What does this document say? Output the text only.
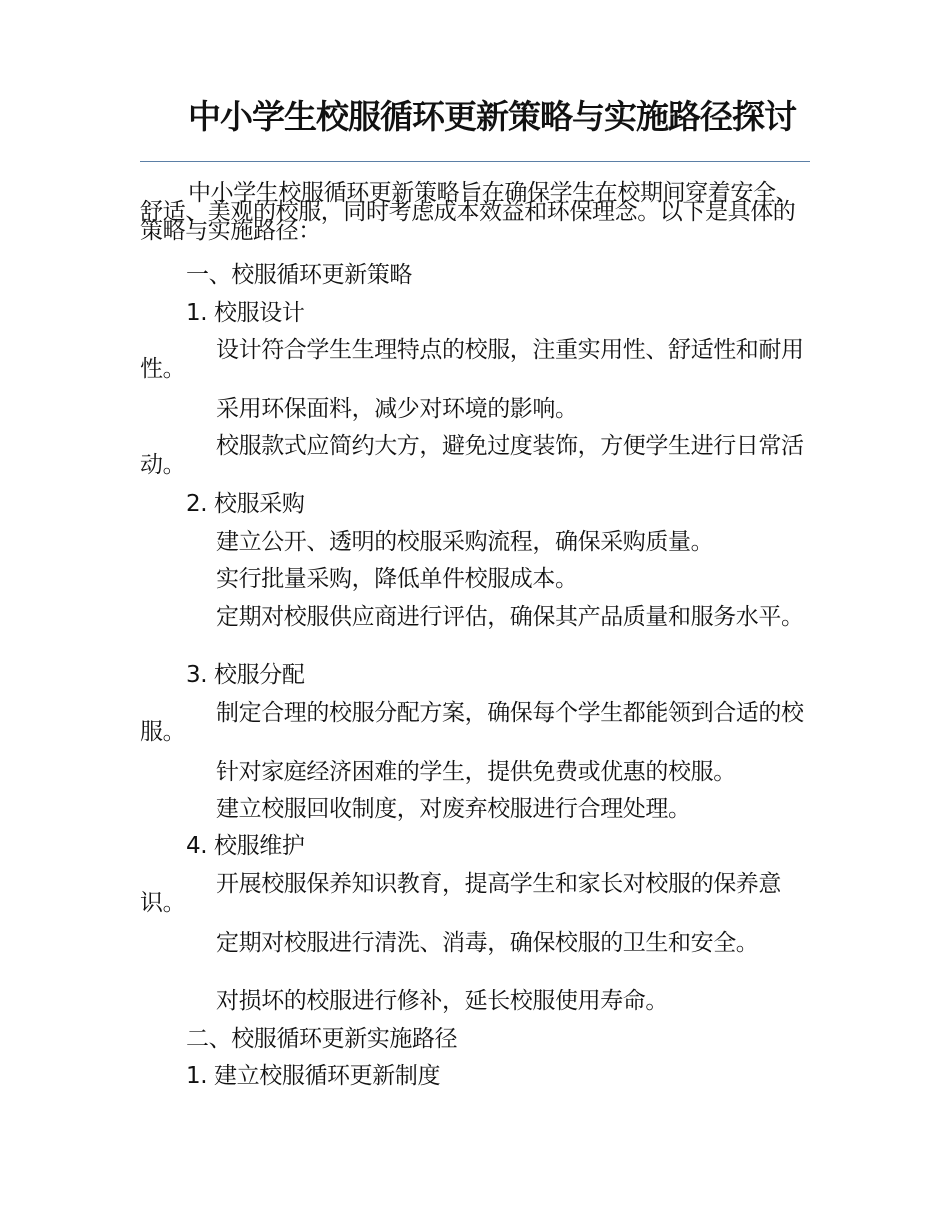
中小学生校服循环更新策略与实施路径探讨

中小学生校服循环更新策略旨在确保学生在校期间穿着安全、舒适、美观的校服，同时考虑成本效益和环保理念。以下是具体的策略与实施路径：

一、校服循环更新策略

1. 校服设计

设计符合学生生理特点的校服，注重实用性、舒适性和耐用性。

采用环保面料，减少对环境的影响。

校服款式应简约大方，避免过度装饰，方便学生进行日常活动。

2. 校服采购

建立公开、透明的校服采购流程，确保采购质量。

实行批量采购，降低单件校服成本。

定期对校服供应商进行评估，确保其产品质量和服务水平。

3. 校服分配

制定合理的校服分配方案，确保每个学生都能领到合适的校服。

针对家庭经济困难的学生，提供免费或优惠的校服。

建立校服回收制度，对废弃校服进行合理处理。

4. 校服维护

开展校服保养知识教育，提高学生和家长对校服的保养意识。

定期对校服进行清洗、消毒，确保校服的卫生和安全。

对损坏的校服进行修补，延长校服使用寿命。

二、校服循环更新实施路径

1. 建立校服循环更新制度
